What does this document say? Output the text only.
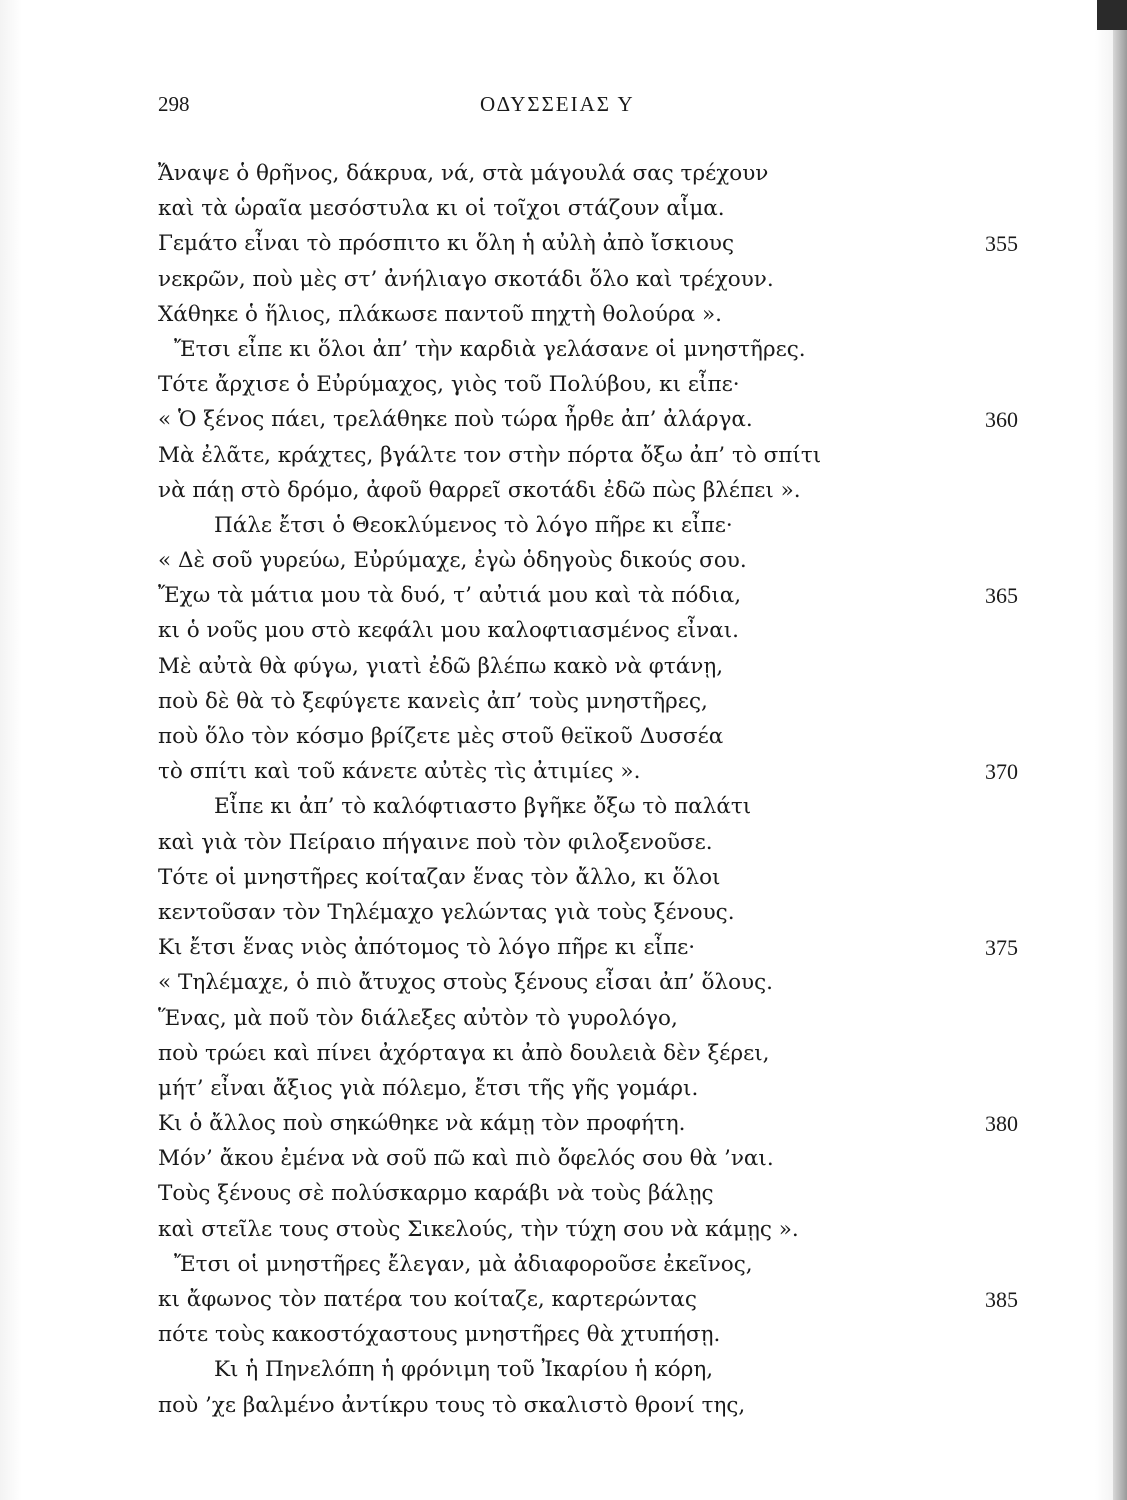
298	ΟΔΥΣΣΕΙΑΣ Υ
Ἄναψε ὁ θρῆνος, δάκρυα, νά, στὰ μάγουλά σας τρέχουν
καὶ τὰ ὡραῖα μεσόστυλα κι οἱ τοῖχοι στάζουν αἷμα.
Γεμάτο εἶναι τὸ πρόσπιτο κι ὅλη ἡ αὐλὴ ἀπὸ ἴσκιους	355
νεκρῶν, ποὺ μὲς στ’ ἀνήλιαγο σκοτάδι ὅλο καὶ τρέχουν.
Χάθηκε ὁ ἥλιος, πλάκωσε παντοῦ πηχτὴ θολούρα ».
Ἔτσι εἶπε κι ὅλοι ἀπ’ τὴν καρδιὰ γελάσανε οἱ μνηστῆρες.
Τότε ἄρχισε ὁ Εὐρύμαχος, γιὸς τοῦ Πολύβου, κι εἶπε·
« Ὁ ξένος πάει, τρελάθηκε ποὺ τώρα ἦρθε ἀπ’ ἀλάργα.	360
Μὰ ἐλᾶτε, κράχτες, βγάλτε τον στὴν πόρτα ὄξω ἀπ’ τὸ σπίτι
νὰ πάῃ στὸ δρόμο, ἀφοῦ θαρρεῖ σκοτάδι ἐδῶ πὼς βλέπει ».
Πάλε ἔτσι ὁ Θεοκλύμενος τὸ λόγο πῆρε κι εἶπε·
« Δὲ σοῦ γυρεύω, Εὐρύμαχε, ἐγὼ ὁδηγοὺς δικούς σου.
Ἔχω τὰ μάτια μου τὰ δυό, τ’ αὐτιά μου καὶ τὰ πόδια,	365
κι ὁ νοῦς μου στὸ κεφάλι μου καλοφτιασμένος εἶναι.
Μὲ αὐτὰ θὰ φύγω, γιατὶ ἐδῶ βλέπω κακὸ νὰ φτάνῃ,
ποὺ δὲ θὰ τὸ ξεφύγετε κανεὶς ἀπ’ τοὺς μνηστῆρες,
ποὺ ὅλο τὸν κόσμο βρίζετε μὲς στοῦ θεϊκοῦ Δυσσέα
τὸ σπίτι καὶ τοῦ κάνετε αὐτὲς τὶς ἀτιμίες ».	370
Εἶπε κι ἀπ’ τὸ καλόφτιαστο βγῆκε ὄξω τὸ παλάτι
καὶ γιὰ τὸν Πείραιο πήγαινε ποὺ τὸν φιλοξενοῦσε.
Τότε οἱ μνηστῆρες κοίταζαν ἕνας τὸν ἄλλο, κι ὅλοι
κεντοῦσαν τὸν Τηλέμαχο γελώντας γιὰ τοὺς ξένους.
Κι ἔτσι ἕνας νιὸς ἀπότομος τὸ λόγο πῆρε κι εἶπε·	375
« Τηλέμαχε, ὁ πιὸ ἄτυχος στοὺς ξένους εἶσαι ἀπ’ ὅλους.
Ἕνας, μὰ ποῦ τὸν διάλεξες αὐτὸν τὸ γυρολόγο,
ποὺ τρώει καὶ πίνει ἀχόρταγα κι ἀπὸ δουλειὰ δὲν ξέρει,
μήτ’ εἶναι ἄξιος γιὰ πόλεμο, ἔτσι τῆς γῆς γομάρι.
Κι ὁ ἄλλος ποὺ σηκώθηκε νὰ κάμῃ τὸν προφήτη.	380
Μόν’ ἄκου ἐμένα νὰ σοῦ πῶ καὶ πιὸ ὄφελός σου θὰ ’ναι.
Τοὺς ξένους σὲ πολύσκαρμο καράβι νὰ τοὺς βάλῃς
καὶ στεῖλε τους στοὺς Σικελούς, τὴν τύχη σου νὰ κάμῃς ».
Ἔτσι οἱ μνηστῆρες ἔλεγαν, μὰ ἀδιαφοροῦσε ἐκεῖνος,
κι ἄφωνος τὸν πατέρα του κοίταζε, καρτερώντας	385
πότε τοὺς κακοστόχαστους μνηστῆρες θὰ χτυπήσῃ.
Κι ἡ Πηνελόπη ἡ φρόνιμη τοῦ Ἰκαρίου ἡ κόρη,
ποὺ ’χε βαλμένο ἀντίκρυ τους τὸ σκαλιστὸ θρονί της,
